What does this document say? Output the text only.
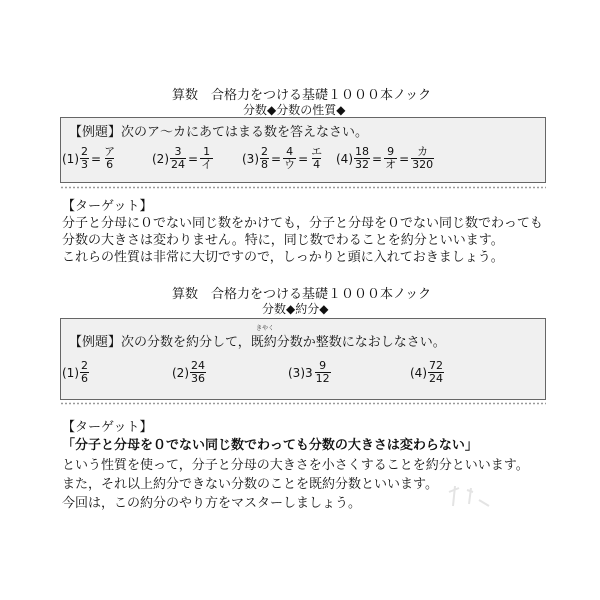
算数　合格力をつける基礎１０００本ノック
分数◆分数の性質◆
【例題】次のア〜カにあてはまる数を答えなさい。
$(1) \frac{2}{3} = \frac{\text{ア}}{6}$	$(2) \frac{3}{24} = \frac{1}{\text{イ}} (3) \frac{2}{8} = \frac{4}{\text{ウ}} = \frac{\text{エ}}{4} (4) \frac{18}{32} = \frac{9}{\text{オ}} = \frac{\text{カ}}{320}$
【ターゲット】
分子と分母に０でない同じ数をかけても，分子と分母を０でない同じ数でわっても
分数の大きさは変わりません。特に，同じ数でわることを約分といいます。
これらの性質は非常に大切ですので，しっかりと頭に入れておきましょう。
算数　合格力をつける基礎１０００本ノック
分数◆約分◆
【例題】次の分数を約分して，既約分数か整数になおしなさい。
きやく
$(1) \frac{2}{6}$	$(2) \frac{24}{36}$	(3) $3 \frac{9}{12}$	$(4) \frac{72}{24}$
【ターゲット】
「分子と分母を０でない同じ数でわっても分数の大きさは変わらない」
という性質を使って，分子と分母の大きさを小さくすることを約分といいます。
また，それ以上約分できない分数のことを既約分数といいます。
今回は，この約分のやり方をマスターしましょう。
